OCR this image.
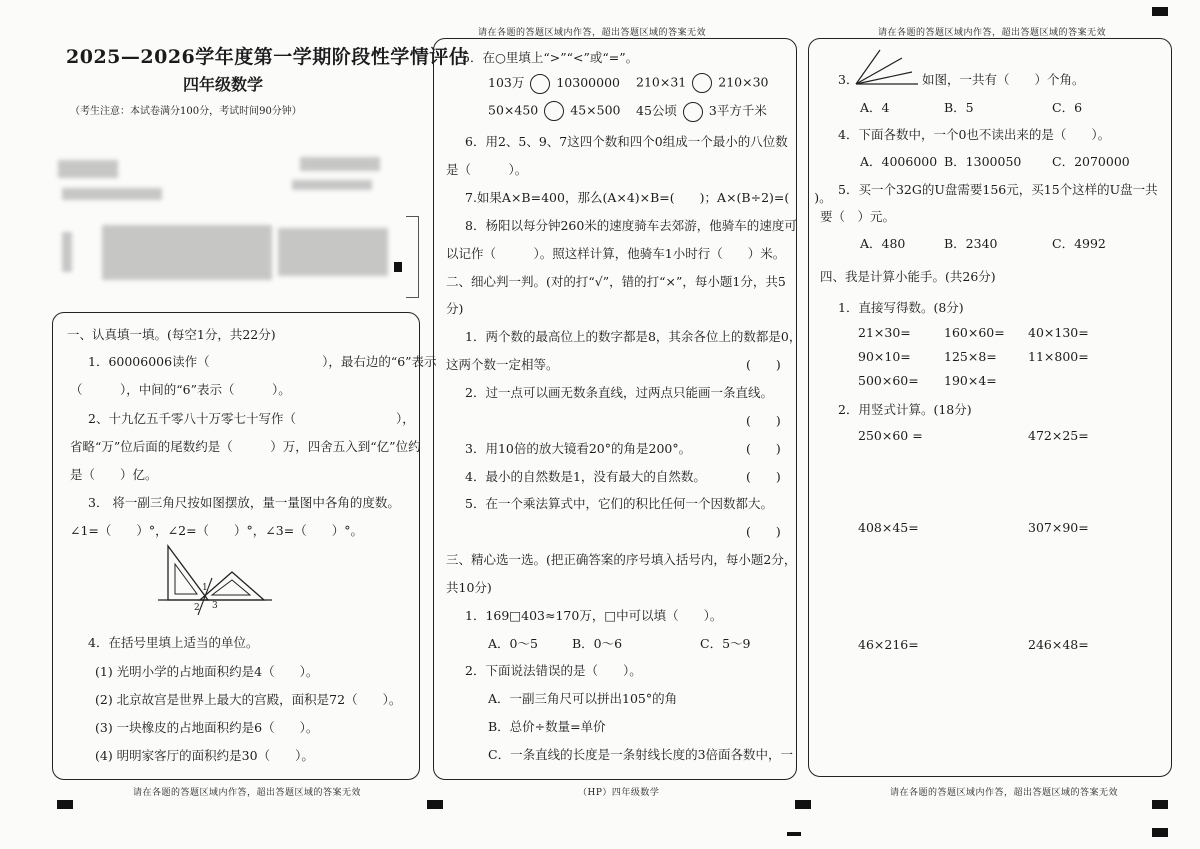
请在各题的答题区域内作答，超出答题区域的答案无效	请在各题的答题区域内作答，超出答题区域的答案无效
2025—2026学年度第一学期阶段性学情评估
四年级数学
（考生注意：本试卷满分100分，考试时间90分钟）
一、认真填一填。(每空1分，共22分)
1．60006006读作（　　　　　　　　　），最右边的“6”表示
（　　　），中间的“6”表示（　　　）。
2、十九亿五千零八十万零七十写作（　　　　　　　　），
省略“万”位后面的尾数约是（　　　）万，四舍五入到“亿”位约
是（　　）亿。
3． 将一副三角尺按如图摆放，量一量图中各角的度数。
∠1=（　　）°，∠2=（　　）°，∠3=（　　）°。
1
2 3
4．在括号里填上适当的单位。
(1) 光明小学的占地面积约是4（　　）。
(2) 北京故宫是世界上最大的宫殿，面积是72（　　）。
(3) 一块橡皮的占地面积约是6（　　）。
(4) 明明家客厅的面积约是30（　　）。
5．在○里填上“>”“<”或“=”。
103万	10300000 210×31	210×30
50×450	45×500 45公顷	3平方千米
6．用2、5、9、7这四个数和四个0组成一个最小的八位数
是（　　　）。
7.如果A×B=400，那么(A×4)×B=(　　)；A×(B÷2)=(　　)。
8．杨阳以每分钟260米的速度骑车去郊游，他骑车的速度可
以记作（　　　）。照这样计算，他骑车1小时行（　　）米。
二、细心判一判。(对的打“√”，错的打“×”，每小题1分，共5
分)
1．两个数的最高位上的数字都是8，其余各位上的数都是0，
这两个数一定相等。	(　　)
2．过一点可以画无数条直线，过两点只能画一条直线。
(　　)
3．用10倍的放大镜看20°的角是200°。	(　　)
4．最小的自然数是1，没有最大的自然数。	(　　)
5．在一个乘法算式中，它们的积比任何一个因数都大。
(　　)
三、精心选一选。(把正确答案的序号填入括号内，每小题2分，
共10分)
1．169□403≈170万，□中可以填（　　）。
A．0～5	B．0～6	C．5～9
2．下面说法错误的是（　　）。
A．一副三角尺可以拼出105°的角
B．总价÷数量=单价
C．一条直线的长度是一条射线长度的3倍面各数中，一
3．	如图，一共有（　　）个角。
A．4	B．5	C．6
4．下面各数中，一个0也不读出来的是（　　）。
A．4006000 B．1300050 C．2070000
5．买一个32G的U盘需要156元，买15个这样的U盘一共
要（　）元。
A．480	B．2340	C．4992
四、我是计算小能手。(共26分)
1．直接写得数。(8分)
21×30=	160×60= 40×130=
90×10=	125×8= 11×800=
500×60= 190×4=
2．用竖式计算。(18分)
250×60 =	472×25=
408×45=	307×90=
46×216=	246×48=
请在各题的答题区域内作答，超出答题区域的答案无效	（HP）四年级数学	请在各题的答题区域内作答，超出答题区域的答案无效
